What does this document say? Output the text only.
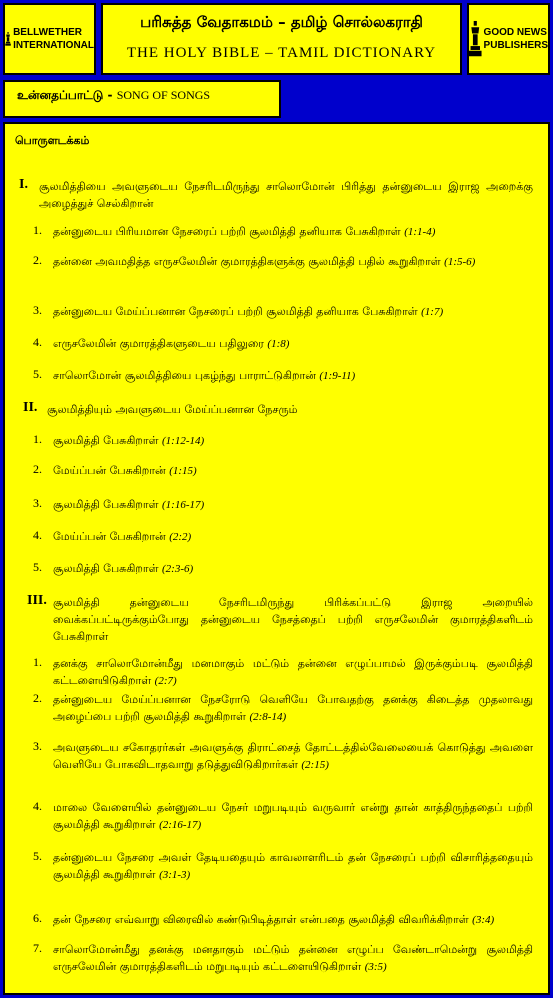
BELLWETHER
INTERNATIONAL
பரிசுத்த வேதாகமம் – தமிழ் சொல்லகராதி
THE HOLY BIBLE – TAMIL DICTIONARY
GOOD NEWS
PUBLISHERS
உன்னதப்பாட்டு - SONG OF SONGS
பொருளடக்கம்
I. சூலமித்தியை அவளுடைய நேசரிடமிருந்து சாலொமோன் பிரித்து தன்னுடைய இராஜ அறைக்கு அழைத்துச் செல்கிறான்
1. தன்னுடைய பிரியமான நேசரைப் பற்றி சூலமித்தி தனியாக பேசுகிறாள் (1:1-4)
2. தன்னை அவமதித்த எருசலேமின் குமாரத்திகளுக்கு சூலமித்தி பதில் கூறுகிறாள் (1:5-6)
3. தன்னுடைய மேய்ப்பனான நேசரைப் பற்றி சூலமித்தி தனியாக பேசுகிறாள் (1:7)
4. எருசலேமின் குமாரத்திகளுடைய பதிலுரை (1:8)
5. சாலொமோன் சூலமித்தியை புகழ்ந்து பாராட்டுகிறான் (1:9-11)
II. சூலமித்தியும் அவளுடைய மேய்ப்பனான நேசரும்
1. சூலமித்தி பேசுகிறாள் (1:12-14)
2. மேய்ப்பன் பேசுகிறான் (1:15)
3. சூலமித்தி பேசுகிறாள் (1:16-17)
4. மேய்ப்பன் பேசுகிறான் (2:2)
5. சூலமித்தி பேசுகிறாள் (2:3-6)
III. சூலமித்தி தன்னுடைய நேசரிடமிருந்து பிரிக்கப்பட்டு இராஜ அறையில் வைக்கப்பட்டிருக்கும்போது தன்னுடைய நேசத்தைப் பற்றி எருசலேமின் குமாரத்திகளிடம் பேசுகிறாள்
1. தனக்கு சாலொமோன்மீது மனமாகும் மட்டும் தன்னை எழுப்பாமல் இருக்கும்படி சூலமித்தி கட்டளையிடுகிறாள் (2:7)
2. தன்னுடைய மேய்ப்பனான நேசரோடு வெளியே போவதற்கு தனக்கு கிடைத்த முதலாவது அழைப்பை பற்றி சூலமித்தி கூறுகிறாள் (2:8-14)
3. அவளுடைய சகோதரர்கள் அவளுக்கு திராட்சைத் தோட்டத்தில்வேலையைக் கொடுத்து அவளை வெளியே போகவிடாதவாறு தடுத்துவிடுகிறார்கள் (2:15)
4. மாலை வேளையில் தன்னுடைய நேசர் மறுபடியும் வருவார் என்று தான் காத்திருந்ததைப் பற்றி சூலமித்தி கூறுகிறாள் (2:16-17)
5. தன்னுடைய நேசரை அவள் தேடியதையும் காவலாளரிடம் தன் நேசரைப் பற்றி விசாரித்ததையும் சூலமித்தி கூறுகிறாள் (3:1-3)
6. தன் நேசரை எவ்வாறு விரைவில் கண்டுபிடித்தாள் என்பதை சூலமித்தி விவரிக்கிறாள் (3:4)
7. சாலொமோன்மீது தனக்கு மனதாகும் மட்டும் தன்னை எழுப்ப வேண்டாமென்று சூலமித்தி எருசலேமின் குமாரத்திகளிடம் மறுபடியும் கட்டளையிடுகிறாள் (3:5)
